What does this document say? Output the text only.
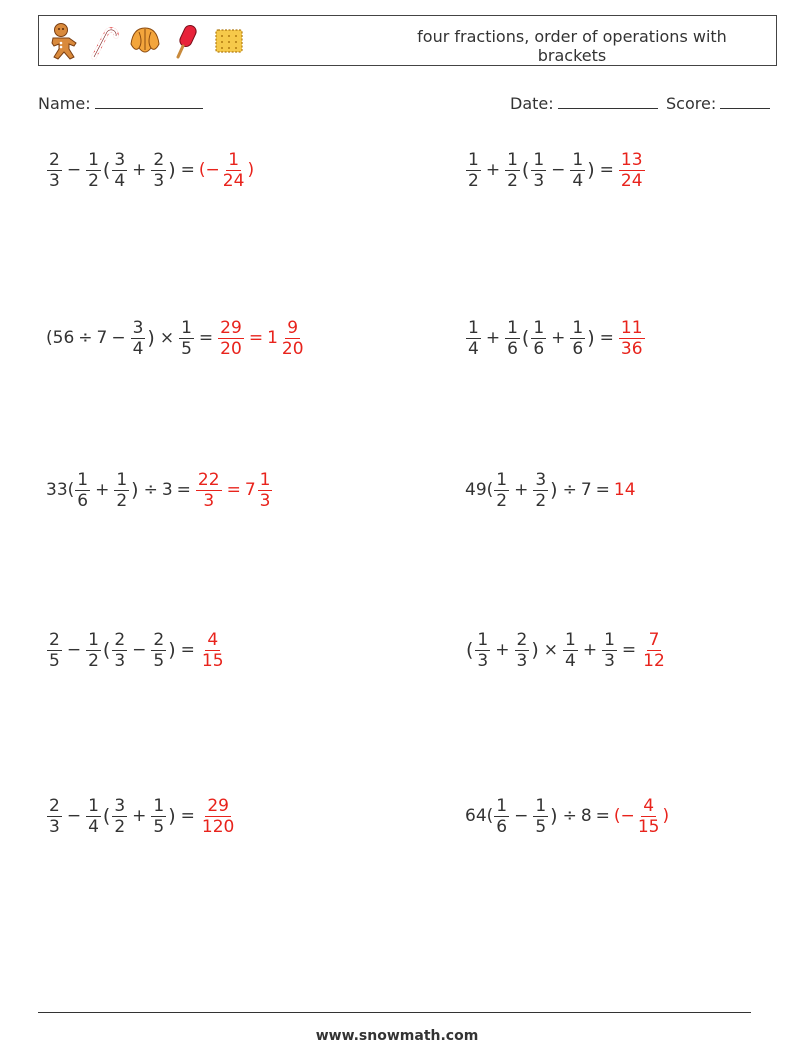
four fractions, order of operations with
brackets
Name:	Date:	Score:
$\frac{2}{3} - \frac{1}{2}$ ( $\frac{3}{4} + \frac{2}{3}$ ) = (− $\frac{1}{24}$ )	$\frac{1}{2} + \frac{1}{2}$ ( $\frac{1}{3} - \frac{1}{4}$ ) = $\frac{13}{24}$
($56 \div 7 - \frac{3}{4}$ ) × $\frac{1}{5} = \frac{29}{20} = 1 \frac{9}{20}$	$\frac{1}{4} + \frac{1}{6}$ ( $\frac{1}{6} + \frac{1}{6}$ ) = $\frac{11}{36}$
$33( \frac{1}{6} + \frac{1}{2}$ ) ÷ $3 = \frac{22}{3} = 7 \frac{1}{3}$	$49( \frac{1}{2} + \frac{3}{2}$ ) ÷ 7 = 14
$\frac{2}{5} - \frac{1}{2}$ ( $\frac{2}{3} - \frac{2}{5}$ ) = $\frac{4}{15}$	( $\frac{1}{3} + \frac{2}{3}$ ) × $\frac{1}{4} + \frac{1}{3} = \frac{7}{12}$
$\frac{2}{3} - \frac{1}{4}$ ( $\frac{3}{2} + \frac{1}{5}$ ) = $\frac{29}{120}$	$64( \frac{1}{6} - \frac{1}{5}$ ) ÷ 8 = (− $\frac{4}{15}$ )
www.snowmath.com
